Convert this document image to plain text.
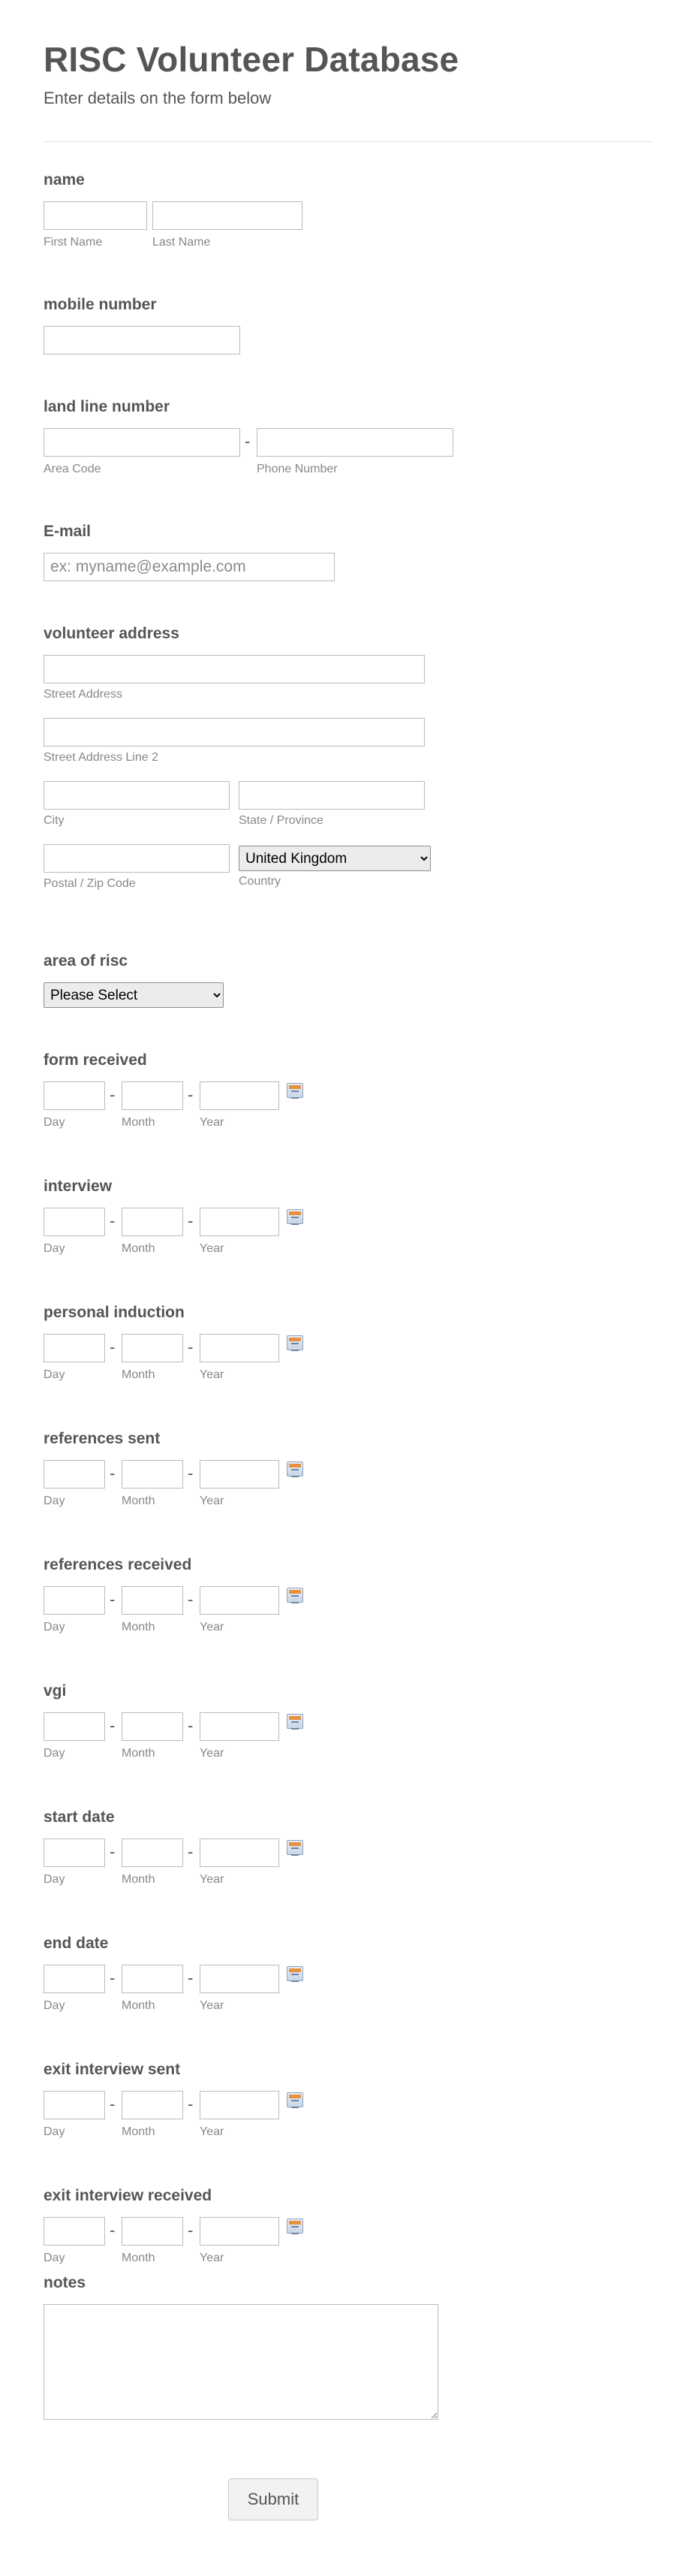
RISC Volunteer Database
Enter details on the form below
name
First Name	Last Name
mobile number
land line number
-
Area Code	Phone Number
E-mail
ex: myname@example.com
volunteer address
Street Address
Street Address Line 2
City	State / Province
United Kingdom
Country
Postal / Zip Code
area of risc
Please Select
form received
-	-
Day	Month	Year
interview
-	-
Day	Month	Year
personal induction
-	-
Day	Month	Year
references sent
-	-
Day	Month	Year
references received
-	-
Day	Month	Year
vgi
-	-
Day	Month	Year
start date
-	-
Day	Month	Year
end date
-	-
Day	Month	Year
exit interview sent
-	-
Day	Month	Year
exit interview received
-	-
Day	Month	Year
notes
Submit
